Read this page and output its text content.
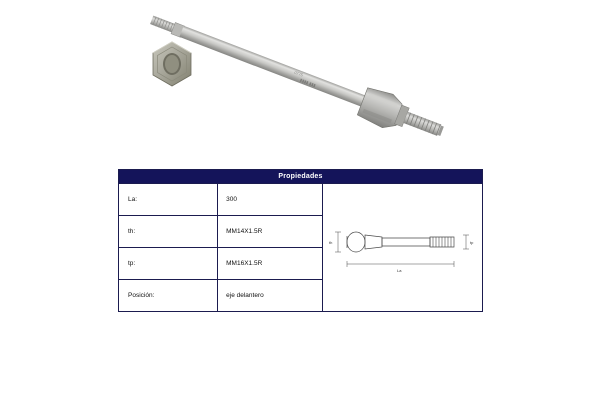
0775
▮▮▮▮ ▮▮▮
Propiedades		
La:	300	th tp
La

th:	MM14X1.5R	
tp:	MM16X1.5R	
Posición:	eje delantero	
